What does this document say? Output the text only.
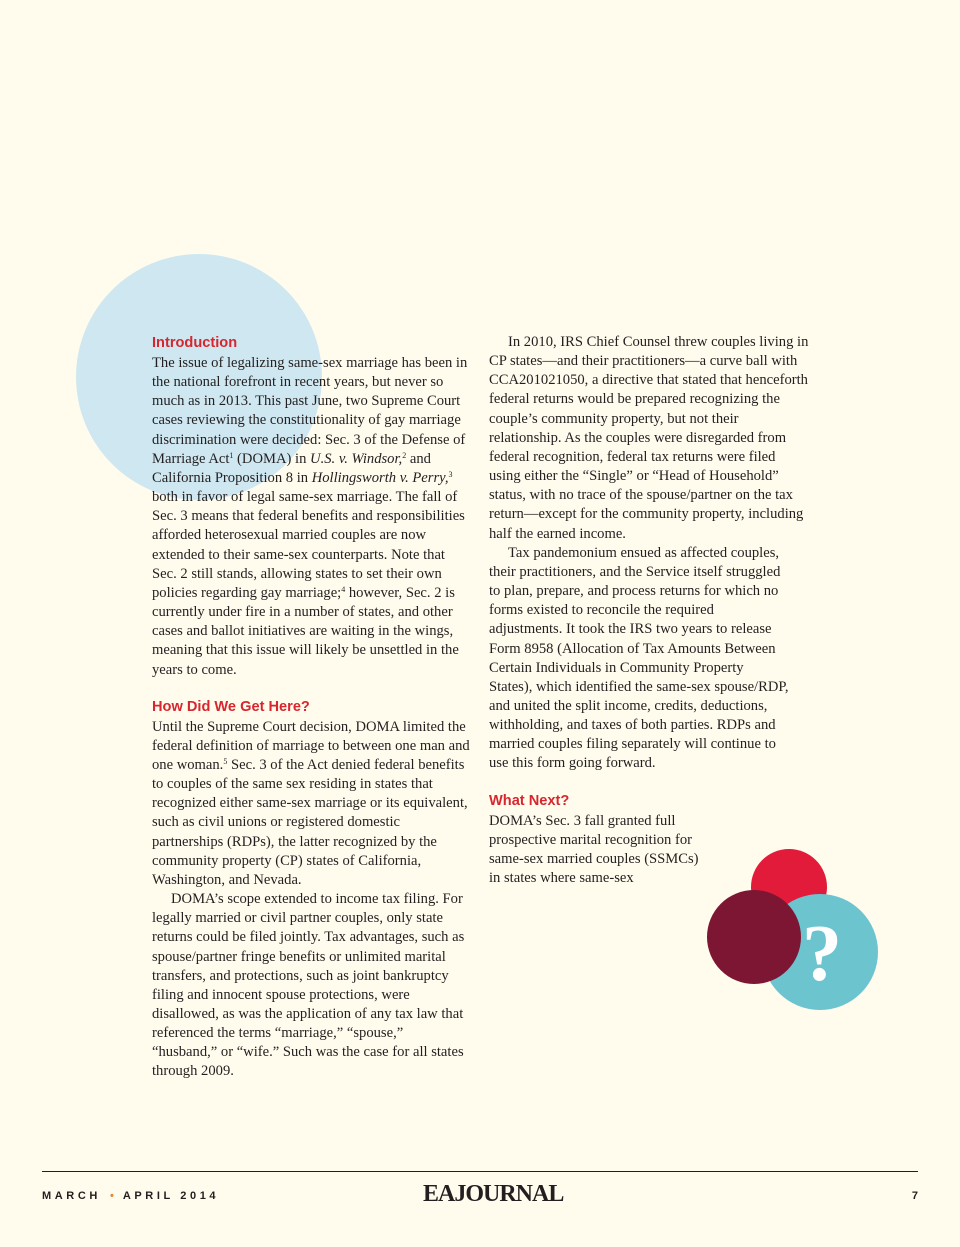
Introduction

The issue of legalizing same-sex marriage has been in the national forefront in recent years, but never so much as in 2013. This past June, two Supreme Court cases reviewing the constitutionality of gay marriage discrimination were decided: Sec. 3 of the Defense of Marriage Act$^1$ (DOMA) in U.S. v. Windsor,$^2$ and California Proposition 8 in Hollingsworth v. Perry,$^3$ both in favor of legal same-sex marriage. The fall of Sec. 3 means that federal benefits and responsibilities afforded heterosexual married couples are now extended to their same-sex counterparts. Note that Sec. 2 still stands, allowing states to set their own policies regarding gay marriage;$^4$ however, Sec. 2 is currently under fire in a number of states, and other cases and ballot initiatives are waiting in the wings, meaning that this issue will likely be unsettled in the years to come.

How Did We Get Here?

Until the Supreme Court decision, DOMA limited the federal definition of marriage to between one man and one woman.$^5$ Sec. 3 of the Act denied federal benefits to couples of the same sex residing in states that recognized either same-sex marriage or its equivalent, such as civil unions or registered domestic partnerships (RDPs), the latter recognized by the community property (CP) states of California, Washington, and Nevada.

DOMA’s scope extended to income tax filing. For legally married or civil partner couples, only state returns could be filed jointly. Tax advantages, such as spouse/partner fringe benefits or unlimited marital transfers, and protections, such as joint bankruptcy filing and innocent spouse protections, were disallowed, as was the application of any tax law that referenced the terms “marriage,” “spouse,” “husband,” or “wife.” Such was the case for all states through 2009.

In 2010, IRS Chief Counsel threw couples living in CP states—and their practitioners—a curve ball with CCA201021050, a directive that stated that henceforth federal returns would be prepared recognizing the couple’s community property, but not their relationship. As the couples were disregarded from federal recognition, federal tax returns were filed using either the “Single” or “Head of Household” status, with no trace of the spouse/partner on the tax return—except for the community property, including half the earned income.

Tax pandemonium ensued as affected couples, their practitioners, and the Service itself struggled to plan, prepare, and process returns for which no forms existed to reconcile the required adjustments. It took the IRS two years to release Form 8958 (Allocation of Tax Amounts Between Certain Individuals in Community Property States), which identified the same-sex spouse/RDP, and united the split income, credits, deductions, withholding, and taxes of both parties. RDPs and married couples filing separately will continue to use this form going forward.

What Next?

DOMA’s Sec. 3 fall granted full prospective marital recognition for same-sex married couples (SSMCs) in states where same-sex

?
MARCH • APRIL 2014	EAJOURNAL	7
